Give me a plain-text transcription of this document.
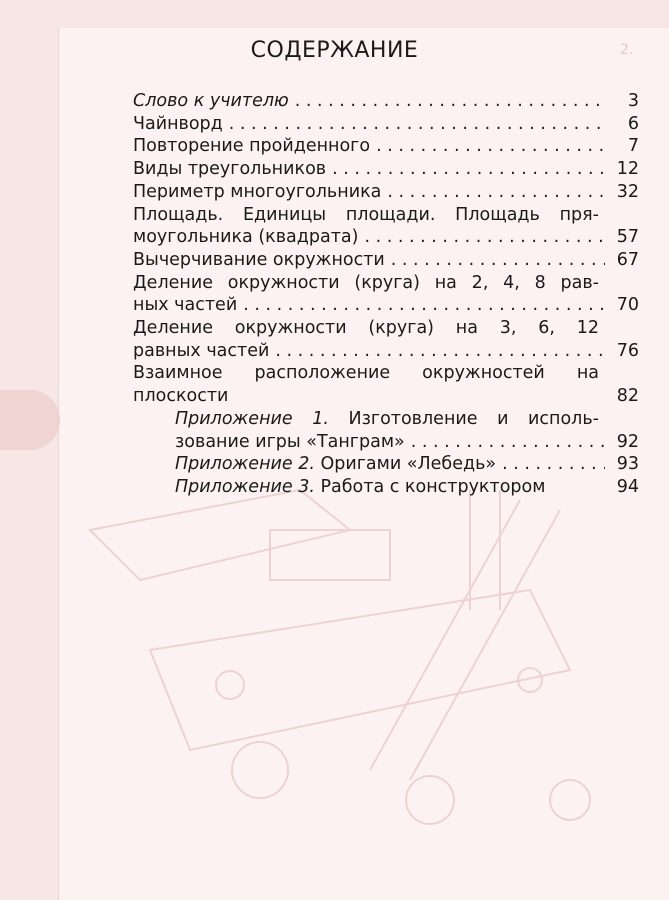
2.
СОДЕРЖАНИЕ
Слово к учителю . . .	3
Чайнворд . . .	6
Повторение пройденного . . .	7
Виды треугольников . . .	12
Периметр многоугольника . . .	32
Площадь. Единицы площади. Площадь пря-
моугольника (квадрата) . . .	57
Вычерчивание окружности . . .	67
Деление окружности (круга) на 2, 4, 8 рав-
ных частей . . .	70
Деление окружности (круга) на 3, 6, 12
равных частей . . .	76
Взаимное расположение окружностей на
плоскости	82
Приложение 1. Изготовление и исполь-
зование игры «Танграм» . . .	92
Приложение 2. Оригами «Лебедь» . . .	93
Приложение 3. Работа с конструктором	94
